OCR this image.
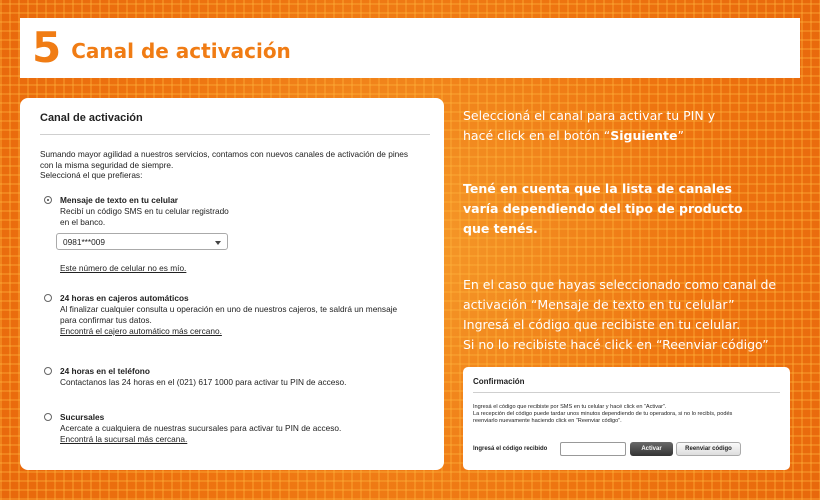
5 Canal de activación
Canal de activación
Sumando mayor agilidad a nuestros servicios, contamos con nuevos canales de activación de pines
con la misma seguridad de siempre.
Seleccioná el que prefieras:
Mensaje de texto en tu celular
Recibí un código SMS en tu celular registrado
en el banco.
0981***009
Este número de celular no es mío.
24 horas en cajeros automáticos
Al finalizar cualquier consulta u operación en uno de nuestros cajeros, te saldrá un mensaje
para confirmar tus datos.
Encontrá el cajero automático más cercano.
24 horas en el teléfono
Contactanos las 24 horas en el (021) 617 1000 para activar tu PIN de acceso.
Sucursales
Acercate a cualquiera de nuestras sucursales para activar tu PIN de acceso.
Encontrá la sucursal más cercana.
Seleccioná el canal para activar tu PIN y
hacé click en el botón “Siguiente”
Tené en cuenta que la lista de canales
varía dependiendo del tipo de producto
que tenés.
En el caso que hayas seleccionado como canal de
activación “Mensaje de texto en tu celular”
Ingresá el código que recibiste en tu celular.
Si no lo recibiste hacé click en “Reenviar código”
Confirmación
Ingresá el código que recibiste por SMS en tu celular y hacé click en “Activar”.
La recepción del código puede tardar unos minutos dependiendo de tu operadora, si no lo recibís, podés
reenviarlo nuevamente haciendo click en “Reenviar código”.
Ingresá el código recibido	Activar	Reenviar código
